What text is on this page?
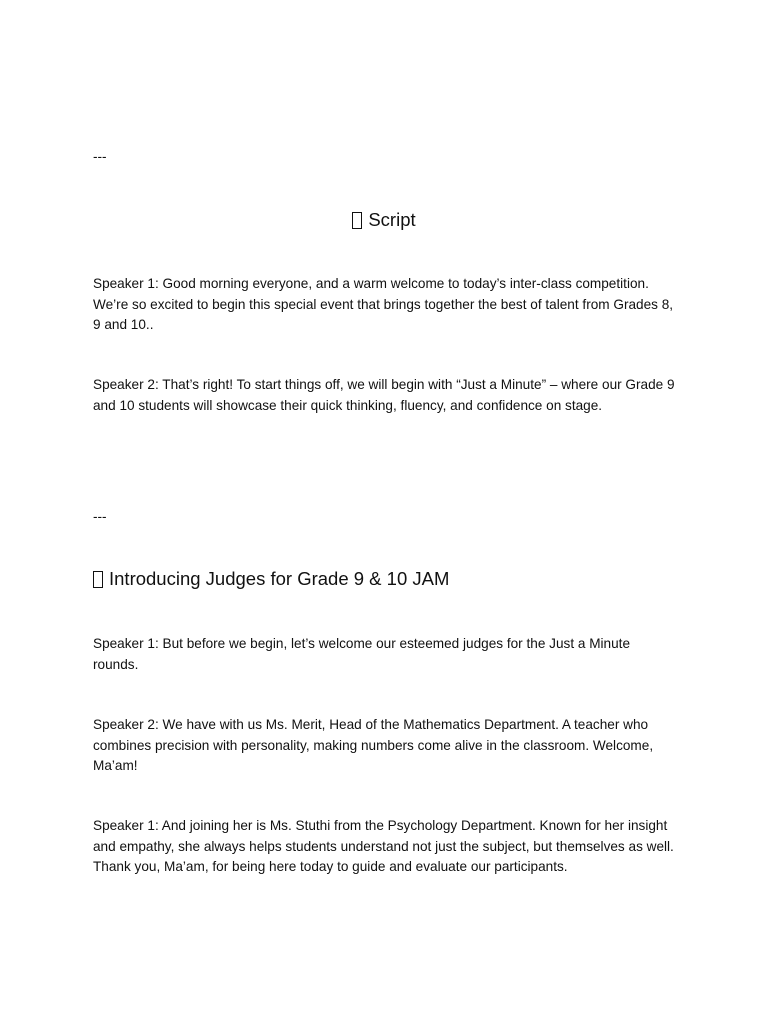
---

Script

Speaker 1: Good morning everyone, and a warm welcome to today’s inter-class competition. We’re so excited to begin this special event that brings together the best of talent from Grades 8, 9 and 10..

Speaker 2: That’s right! To start things off, we will begin with “Just a Minute” – where our Grade 9 and 10 students will showcase their quick thinking, fluency, and confidence on stage.

---

Introducing Judges for Grade 9 & 10 JAM

Speaker 1: But before we begin, let’s welcome our esteemed judges for the Just a Minute rounds.

Speaker 2: We have with us Ms. Merit, Head of the Mathematics Department. A teacher who combines precision with personality, making numbers come alive in the classroom. Welcome, Ma’am!

Speaker 1: And joining her is Ms. Stuthi from the Psychology Department. Known for her insight and empathy, she always helps students understand not just the subject, but themselves as well. Thank you, Ma’am, for being here today to guide and evaluate our participants.
